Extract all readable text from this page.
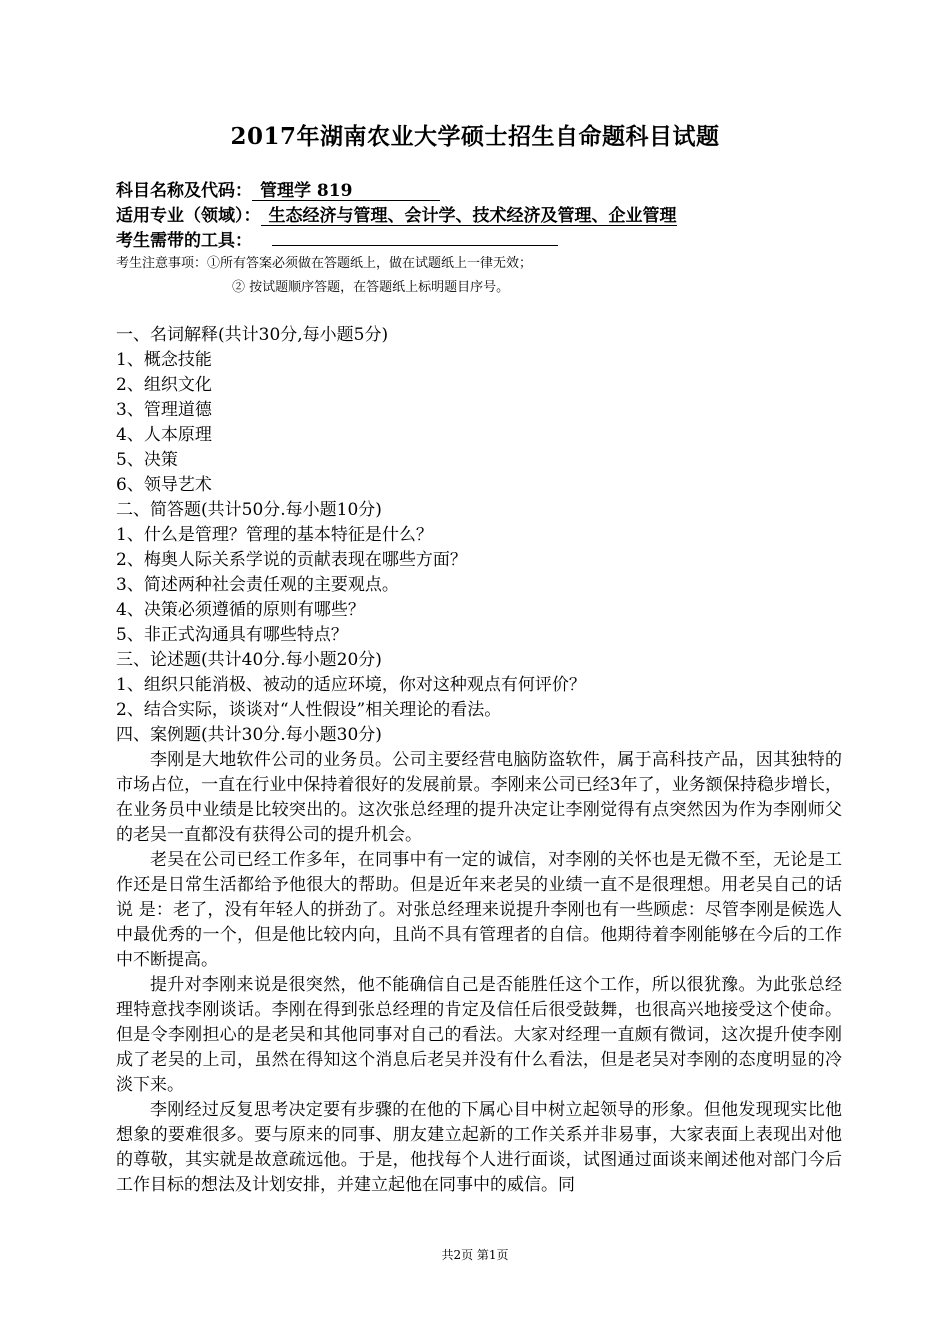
2017年湖南农业大学硕士招生自命题科目试题
科目名称及代码： 管理学 819
适用专业（领域）： 生态经济与管理、会计学、技术经济及管理、企业管理
考生需带的工具：
考生注意事项：①所有答案必须做在答题纸上，做在试题纸上一律无效；
② 按试题顺序答题，在答题纸上标明题目序号。
一、名词解释(共计30分,每小题5分)
1、概念技能
2、组织文化
3、管理道德
4、人本原理
5、决策
6、领导艺术
二、简答题(共计50分.每小题10分)
1、什么是管理？管理的基本特征是什么？
2、梅奥人际关系学说的贡献表现在哪些方面？
3、简述两种社会责任观的主要观点。
4、决策必须遵循的原则有哪些？
5、非正式沟通具有哪些特点？
三、论述题(共计40分.每小题20分)
1、组织只能消极、被动的适应环境，你对这种观点有何评价？
2、结合实际，谈谈对“人性假设”相关理论的看法。
四、案例题(共计30分.每小题30分)

李刚是大地软件公司的业务员。公司主要经营电脑防盗软件，属于高科技产品，因其独特的市场占位，一直在行业中保持着很好的发展前景。李刚来公司已经3年了，业务额保持稳步增长，在业务员中业绩是比较突出的。这次张总经理的提升决定让李刚觉得有点突然因为作为李刚师父的老吴一直都没有获得公司的提升机会。

老吴在公司已经工作多年，在同事中有一定的诚信，对李刚的关怀也是无微不至，无论是工作还是日常生活都给予他很大的帮助。但是近年来老吴的业绩一直不是很理想。用老吴自己的话说 是：老了，没有年轻人的拼劲了。对张总经理来说提升李刚也有一些顾虑：尽管李刚是候选人中最优秀的一个，但是他比较内向，且尚不具有管理者的自信。他期待着李刚能够在今后的工作中不断提高。

提升对李刚来说是很突然，他不能确信自己是否能胜任这个工作，所以很犹豫。为此张总经理特意找李刚谈话。李刚在得到张总经理的肯定及信任后很受鼓舞，也很高兴地接受这个使命。但是令李刚担心的是老吴和其他同事对自己的看法。大家对经理一直颇有微词，这次提升使李刚成了老吴的上司，虽然在得知这个消息后老吴并没有什么看法，但是老吴对李刚的态度明显的冷淡下来。

李刚经过反复思考决定要有步骤的在他的下属心目中树立起领导的形象。但他发现现实比他想象的要难很多。要与原来的同事、朋友建立起新的工作关系并非易事，大家表面上表现出对他的尊敬，其实就是故意疏远他。于是，他找每个人进行面谈，试图通过面谈来阐述他对部门今后工作目标的想法及计划安排，并建立起他在同事中的威信。同

共2页 第1页
